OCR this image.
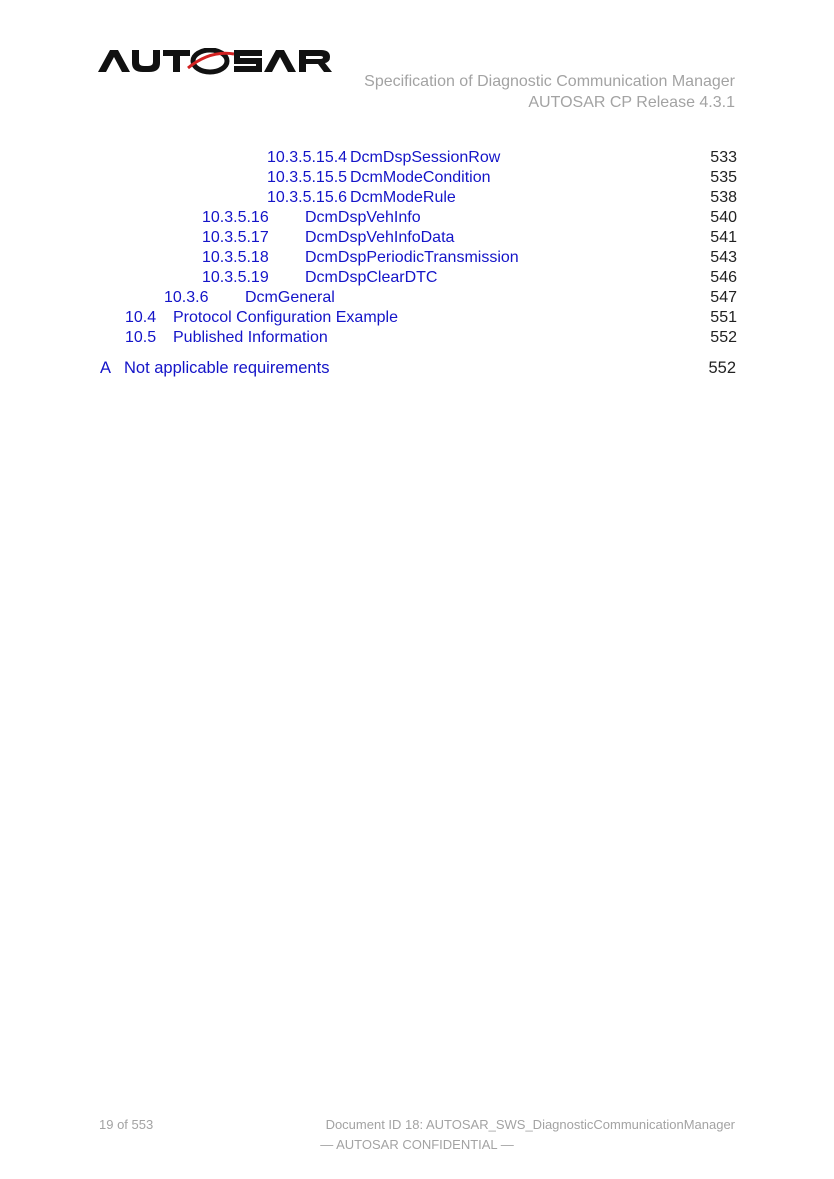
Specification of Diagnostic Communication Manager
AUTOSAR CP Release 4.3.1
10.3.5.15.4 DcmDspSessionRow	533
10.3.5.15.5 DcmModeCondition	535
10.3.5.15.6 DcmModeRule	538
10.3.5.16 DcmDspVehInfo	540
10.3.5.17 DcmDspVehInfoData	541
10.3.5.18 DcmDspPeriodicTransmission	543
10.3.5.19 DcmDspClearDTC	546
10.3.6 DcmGeneral	547
10.4 Protocol Configuration Example	551
10.5 Published Information	552
A Not applicable requirements	552
19 of 553	Document ID 18: AUTOSAR_SWS_DiagnosticCommunicationManager
— AUTOSAR CONFIDENTIAL —
